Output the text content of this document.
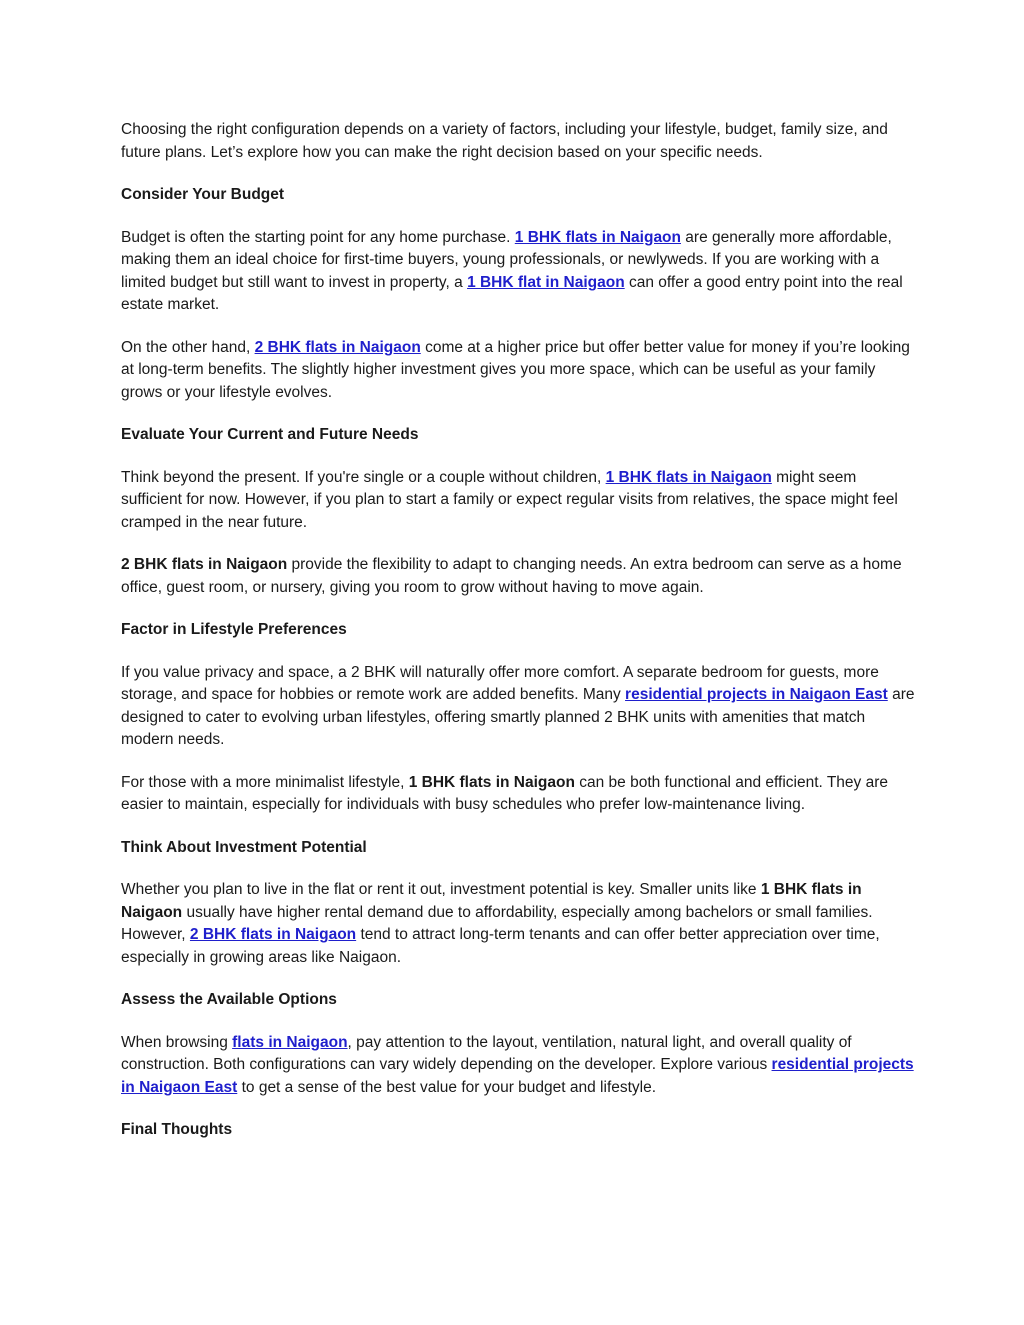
Choosing the right configuration depends on a variety of factors, including your lifestyle, budget, family size, and future plans. Let’s explore how you can make the right decision based on your specific needs.

Consider Your Budget

Budget is often the starting point for any home purchase. 1 BHK flats in Naigaon are generally more affordable, making them an ideal choice for first-time buyers, young professionals, or newlyweds. If you are working with a limited budget but still want to invest in property, a 1 BHK flat in Naigaon can offer a good entry point into the real estate market.

On the other hand, 2 BHK flats in Naigaon come at a higher price but offer better value for money if you’re looking at long-term benefits. The slightly higher investment gives you more space, which can be useful as your family grows or your lifestyle evolves.

Evaluate Your Current and Future Needs

Think beyond the present. If you're single or a couple without children, 1 BHK flats in Naigaon might seem sufficient for now. However, if you plan to start a family or expect regular visits from relatives, the space might feel cramped in the near future.

2 BHK flats in Naigaon provide the flexibility to adapt to changing needs. An extra bedroom can serve as a home office, guest room, or nursery, giving you room to grow without having to move again.

Factor in Lifestyle Preferences

If you value privacy and space, a 2 BHK will naturally offer more comfort. A separate bedroom for guests, more storage, and space for hobbies or remote work are added benefits. Many residential projects in Naigaon East are designed to cater to evolving urban lifestyles, offering smartly planned 2 BHK units with amenities that match modern needs.

For those with a more minimalist lifestyle, 1 BHK flats in Naigaon can be both functional and efficient. They are easier to maintain, especially for individuals with busy schedules who prefer low-maintenance living.

Think About Investment Potential

Whether you plan to live in the flat or rent it out, investment potential is key. Smaller units like 1 BHK flats in Naigaon usually have higher rental demand due to affordability, especially among bachelors or small families. However, 2 BHK flats in Naigaon tend to attract long-term tenants and can offer better appreciation over time, especially in growing areas like Naigaon.

Assess the Available Options

When browsing flats in Naigaon, pay attention to the layout, ventilation, natural light, and overall quality of construction. Both configurations can vary widely depending on the developer. Explore various residential projects in Naigaon East to get a sense of the best value for your budget and lifestyle.

Final Thoughts
